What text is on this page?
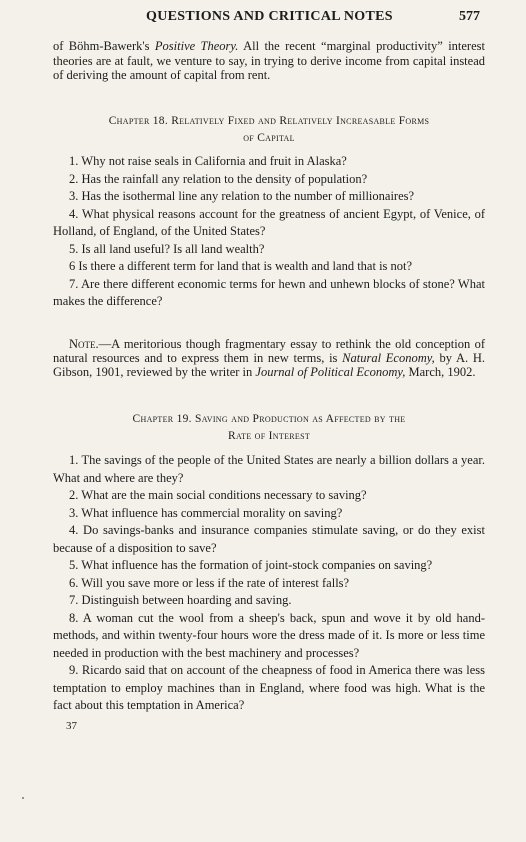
QUESTIONS AND CRITICAL NOTES	577

of Böhm-Bawerk's Positive Theory. All the recent “marginal productivity” interest theories are at fault, we venture to say, in trying to derive income from capital instead of deriving the amount of capital from rent.

Chapter 18. Relatively Fixed and Relatively Increasable Forms

of Capital

1. Why not raise seals in California and fruit in Alaska?

2. Has the rainfall any relation to the density of population?

3. Has the isothermal line any relation to the number of millionaires?

4. What physical reasons account for the greatness of ancient Egypt, of Venice, of Holland, of England, of the United States?

5. Is all land useful? Is all land wealth?

6 Is there a different term for land that is wealth and land that is not?

7. Are there different economic terms for hewn and unhewn blocks of stone? What makes the difference?

Note.—A meritorious though fragmentary essay to rethink the old conception of natural resources and to express them in new terms, is Natural Economy, by A. H. Gibson, 1901, reviewed by the writer in Journal of Political Economy, March, 1902.

Chapter 19. Saving and Production as Affected by the

Rate of Interest

1. The savings of the people of the United States are nearly a billion dollars a year. What and where are they?

2. What are the main social conditions necessary to saving?

3. What influence has commercial morality on saving?

4. Do savings-banks and insurance companies stimulate saving, or do they exist because of a disposition to save?

5. What influence has the formation of joint-stock companies on saving?

6. Will you save more or less if the rate of interest falls?

7. Distinguish between hoarding and saving.

8. A woman cut the wool from a sheep's back, spun and wove it by old hand-methods, and within twenty-four hours wore the dress made of it. Is more or less time needed in production with the best machinery and processes?

9. Ricardo said that on account of the cheapness of food in America there was less temptation to employ machines than in England, where food was high. What is the fact about this temptation in America?

37
